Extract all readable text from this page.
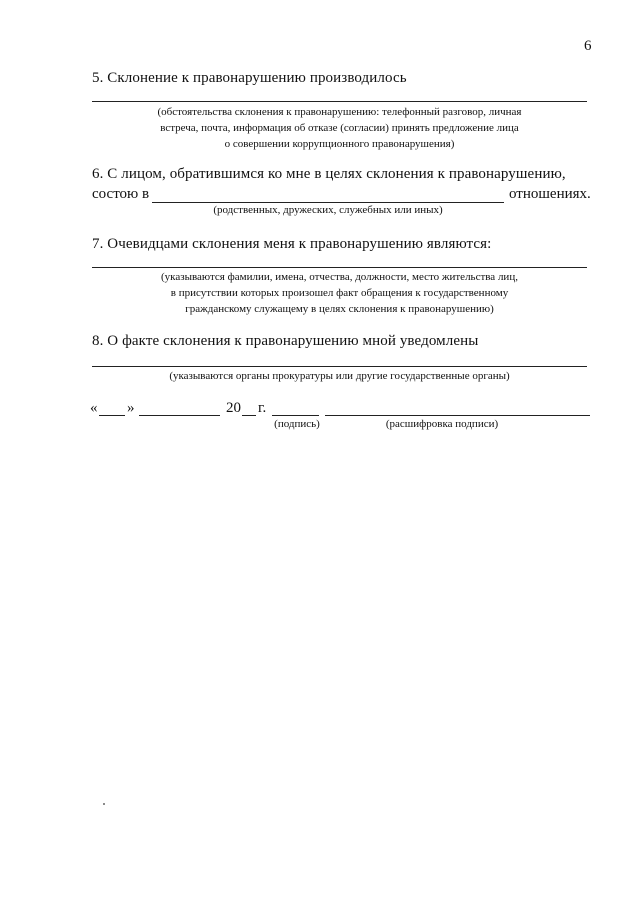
6
5. Склонение к правонарушению производилось
(обстоятельства склонения к правонарушению: телефонный разговор, личная
встреча, почта, информация об отказе (согласии) принять предложение лица
о совершении коррупционного правонарушения)
6. С лицом, обратившимся ко мне в целях склонения к правонарушению,
состою в	отношениях.
(родственных, дружеских, служебных или иных)
7. Очевидцами склонения меня к правонарушению являются:
(указываются фамилии, имена, отчества, должности, место жительства лиц,
в присутствии которых произошел факт обращения к государственному
гражданскому служащему в целях склонения к правонарушению)
8. О факте склонения к правонарушению мной уведомлены
(указываются органы прокуратуры или другие государственные органы)
« »	20 г.
(подпись)	(расшифровка подписи)
